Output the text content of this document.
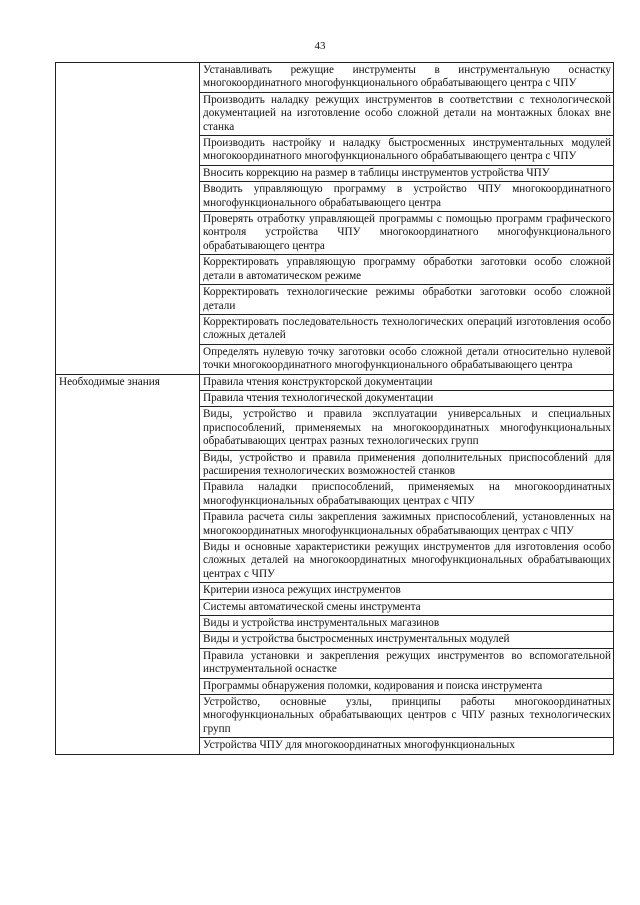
43

	Устанавливать режущие инструменты в инструментальную оснастку многокоординатного многофункционального обрабатывающего центра с ЧПУ

	Производить наладку режущих инструментов в соответствии с технологической документацией на изготовление особо сложной детали на монтажных блоках вне станка

	Производить настройку и наладку быстросменных инструментальных модулей многокоординатного многофункционального обрабатывающего центра с ЧПУ

	Вносить коррекцию на размер в таблицы инструментов устройства ЧПУ

	Вводить управляющую программу в устройство ЧПУ многокоординатного многофункционального обрабатывающего центра

	Проверять отработку управляющей программы с помощью программ графического контроля устройства ЧПУ многокоординатного многофункционального обрабатывающего центра

	Корректировать управляющую программу обработки заготовки особо сложной детали в автоматическом режиме

	Корректировать технологические режимы обработки заготовки особо сложной детали

	Корректировать последовательность технологических операций изготовления особо сложных деталей

	Определять нулевую точку заготовки особо сложной детали относительно нулевой точки многокоординатного многофункционального обрабатывающего центра

Необходимые знания	Правила чтения конструкторской документации

	Правила чтения технологической документации

	Виды, устройство и правила эксплуатации универсальных и специальных приспособлений, применяемых на многокоординатных многофункциональных обрабатывающих центрах разных технологических групп

	Виды, устройство и правила применения дополнительных приспособлений для расширения технологических возможностей станков

	Правила наладки приспособлений, применяемых на многокоординатных многофункциональных обрабатывающих центрах с ЧПУ

	Правила расчета силы закрепления зажимных приспособлений, установленных на многокоординатных многофункциональных обрабатывающих центрах с ЧПУ

	Виды и основные характеристики режущих инструментов для изготовления особо сложных деталей на многокоординатных многофункциональных обрабатывающих центрах с ЧПУ

	Критерии износа режущих инструментов

	Системы автоматической смены инструмента

	Виды и устройства инструментальных магазинов

	Виды и устройства быстросменных инструментальных модулей

	Правила установки и закрепления режущих инструментов во вспомогательной инструментальной оснастке

	Программы обнаружения поломки, кодирования и поиска инструмента

	Устройство, основные узлы, принципы работы многокоординатных многофункциональных обрабатывающих центров с ЧПУ разных технологических групп

	Устройства ЧПУ для многокоординатных многофункциональных
